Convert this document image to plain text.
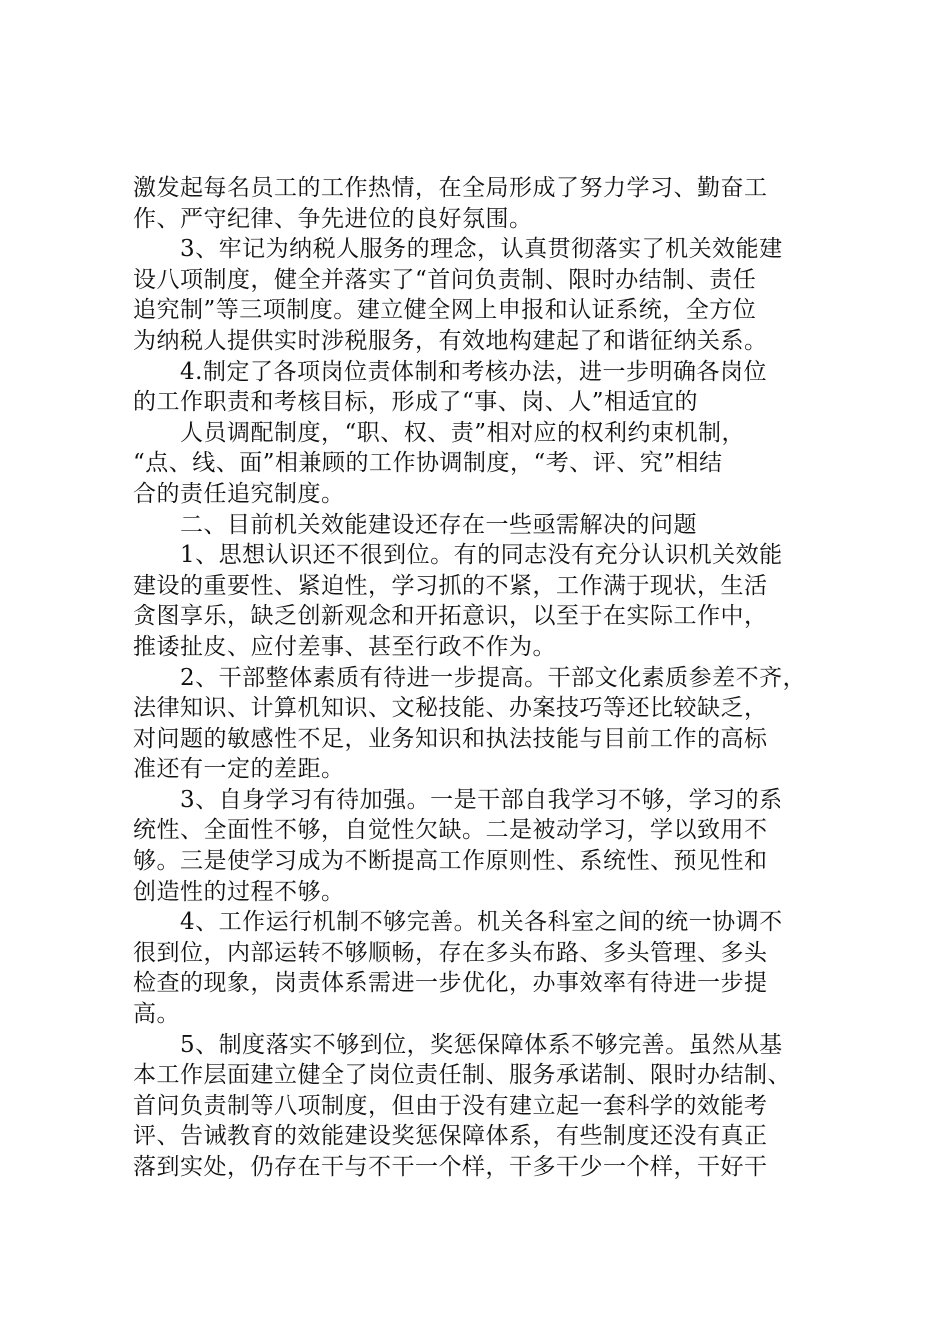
激发起每名员工的工作热情，在全局形成了努力学习、勤奋工
作、严守纪律、争先进位的良好氛围。
3、牢记为纳税人服务的理念，认真贯彻落实了机关效能建
设八项制度，健全并落实了“首问负责制、限时办结制、责任
追究制”等三项制度。建立健全网上申报和认证系统，全方位
为纳税人提供实时涉税服务，有效地构建起了和谐征纳关系。
4.制定了各项岗位责体制和考核办法，进一步明确各岗位
的工作职责和考核目标，形成了“事、岗、人”相适宜的
人员调配制度，“职、权、责”相对应的权利约束机制，
“点、线、面”相兼顾的工作协调制度，“考、评、究”相结
合的责任追究制度。
二、目前机关效能建设还存在一些亟需解决的问题
1、思想认识还不很到位。有的同志没有充分认识机关效能
建设的重要性、紧迫性，学习抓的不紧，工作满于现状，生活
贪图享乐，缺乏创新观念和开拓意识，以至于在实际工作中，
推诿扯皮、应付差事、甚至行政不作为。
2、干部整体素质有待进一步提高。干部文化素质参差不齐，
法律知识、计算机知识、文秘技能、办案技巧等还比较缺乏，
对问题的敏感性不足，业务知识和执法技能与目前工作的高标
准还有一定的差距。
3、自身学习有待加强。一是干部自我学习不够，学习的系
统性、全面性不够，自觉性欠缺。二是被动学习，学以致用不
够。三是使学习成为不断提高工作原则性、系统性、预见性和
创造性的过程不够。
4、工作运行机制不够完善。机关各科室之间的统一协调不
很到位，内部运转不够顺畅，存在多头布路、多头管理、多头
检查的现象，岗责体系需进一步优化，办事效率有待进一步提
高。
5、制度落实不够到位，奖惩保障体系不够完善。虽然从基
本工作层面建立健全了岗位责任制、服务承诺制、限时办结制、
首问负责制等八项制度，但由于没有建立起一套科学的效能考
评、告诫教育的效能建设奖惩保障体系，有些制度还没有真正
落到实处，仍存在干与不干一个样，干多干少一个样，干好干
